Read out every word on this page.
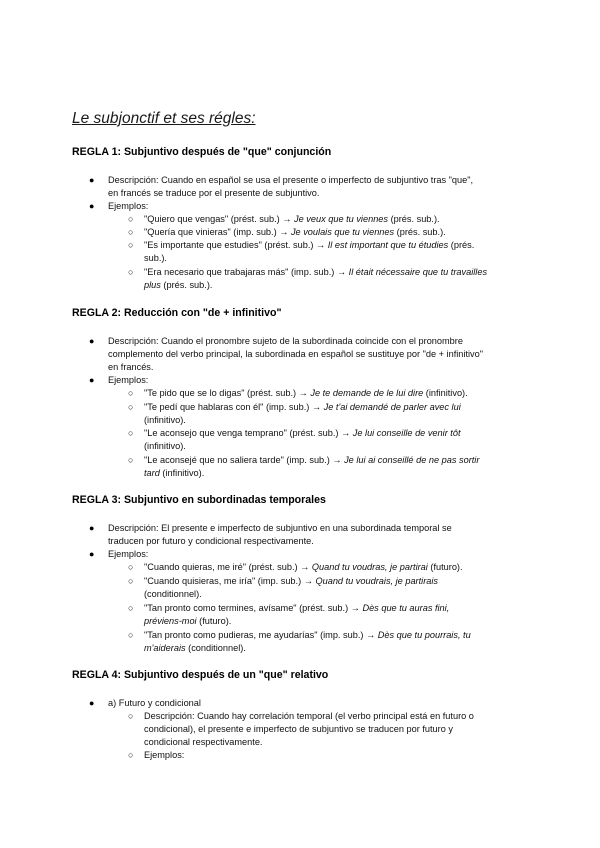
Le subjonctif et ses régles:
REGLA 1: Subjuntivo después de "que" conjunción
● Descripción: Cuando en español se usa el presente o imperfecto de subjuntivo tras "que",
en francés se traduce por el presente de subjuntivo.
● Ejemplos:
○ "Quiero que vengas" (prést. sub.) → Je veux que tu viennes (prés. sub.).
○ "Quería que vinieras" (imp. sub.) → Je voulais que tu viennes (prés. sub.).
○ "Es importante que estudies" (prést. sub.) → Il est important que tu étudies (prés.
sub.).
○ "Era necesario que trabajaras más" (imp. sub.) → Il était nécessaire que tu travailles
plus (prés. sub.).
REGLA 2: Reducción con "de + infinitivo"
● Descripción: Cuando el pronombre sujeto de la subordinada coincide con el pronombre
complemento del verbo principal, la subordinada en español se sustituye por "de + infinitivo"
en francés.
● Ejemplos:
○ "Te pido que se lo digas" (prést. sub.) → Je te demande de le lui dire (infinitivo).
○ "Te pedí que hablaras con él" (imp. sub.) → Je t'ai demandé de parler avec lui
(infinitivo).
○ "Le aconsejo que venga temprano" (prést. sub.) → Je lui conseille de venir tôt
(infinitivo).
○ "Le aconsejé que no saliera tarde" (imp. sub.) → Je lui ai conseillé de ne pas sortir
tard (infinitivo).
REGLA 3: Subjuntivo en subordinadas temporales
● Descripción: El presente e imperfecto de subjuntivo en una subordinada temporal se
traducen por futuro y condicional respectivamente.
● Ejemplos:
○ "Cuando quieras, me iré" (prést. sub.) → Quand tu voudras, je partirai (futuro).
○ "Cuando quisieras, me iría" (imp. sub.) → Quand tu voudrais, je partirais
(conditionnel).
○ "Tan pronto como termines, avísame" (prést. sub.) → Dès que tu auras fini,
préviens-moi (futuro).
○ "Tan pronto como pudieras, me ayudarías" (imp. sub.) → Dès que tu pourrais, tu
m'aiderais (conditionnel).
REGLA 4: Subjuntivo después de un "que" relativo
● a) Futuro y condicional
○ Descripción: Cuando hay correlación temporal (el verbo principal está en futuro o
condicional), el presente e imperfecto de subjuntivo se traducen por futuro y
condicional respectivamente.
○ Ejemplos:
